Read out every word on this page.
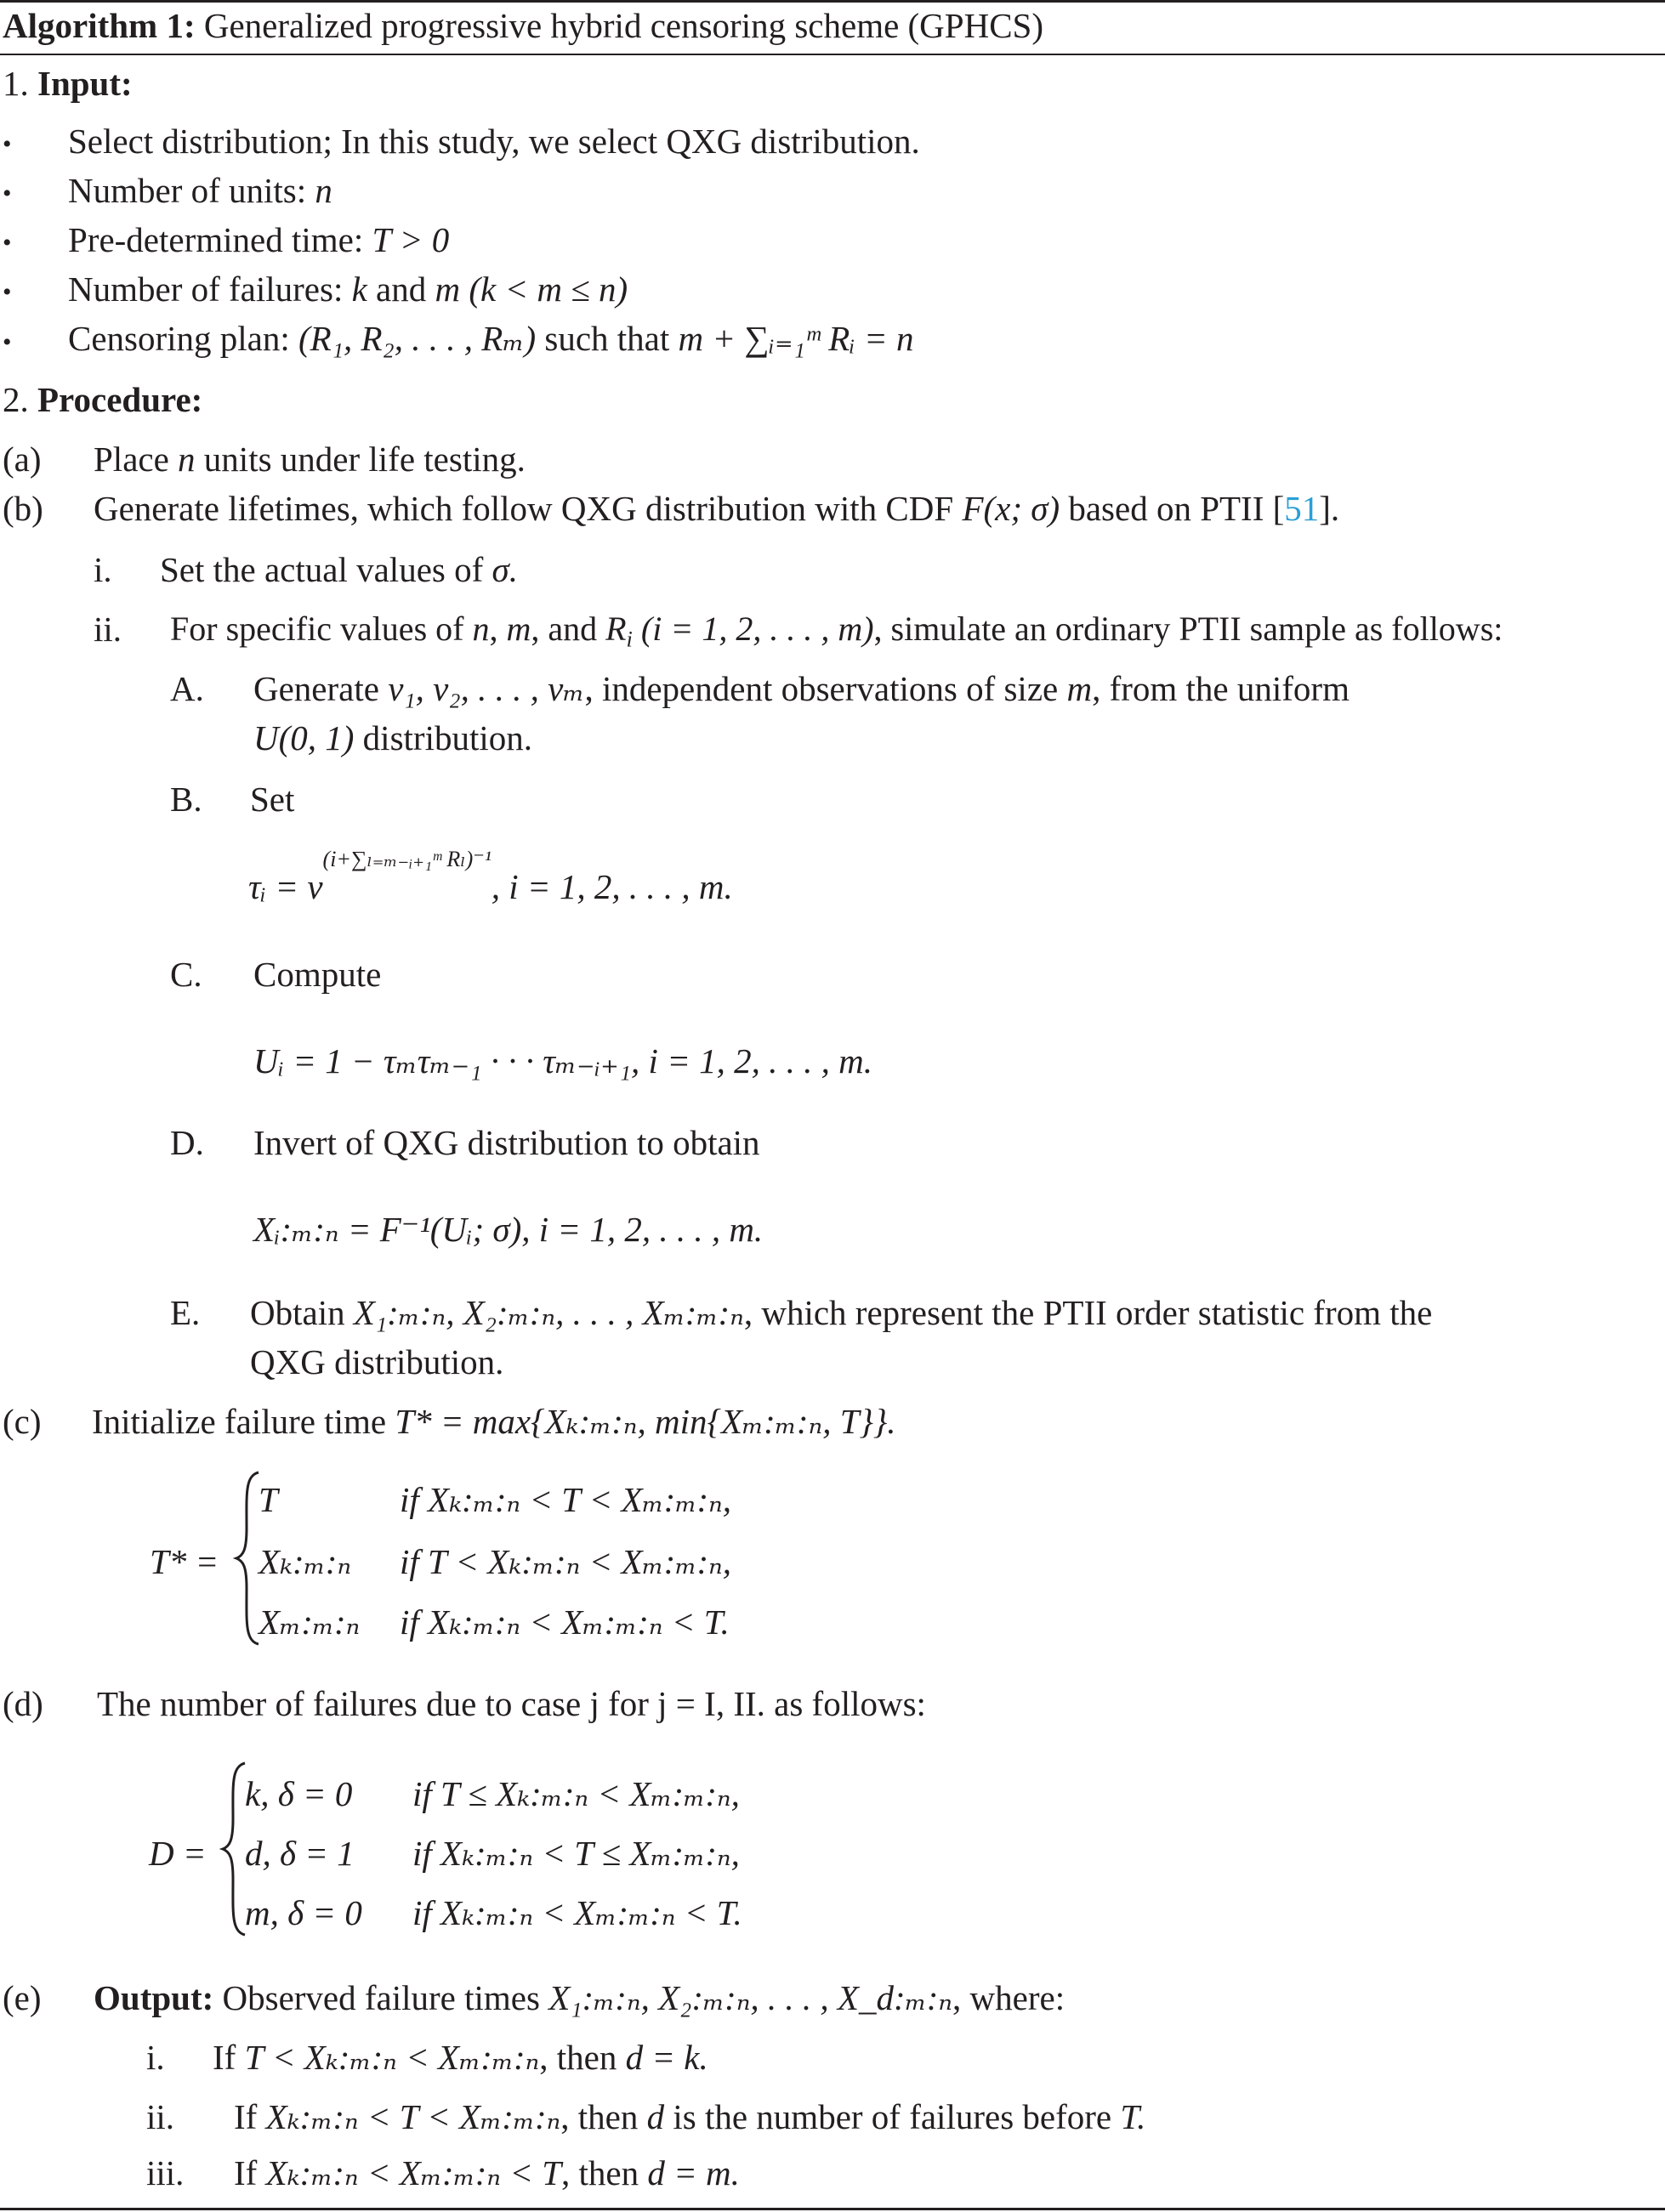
Algorithm 1: Generalized progressive hybrid censoring scheme (GPHCS)
1. Input:
• Select distribution; In this study, we select QXG distribution.
• Number of units: n
• Pre-determined time: T > 0
• Number of failures: k and m (k < m ≤ n)
• Censoring plan: (R₁, R₂, . . . , Rₘ) such that m + ∑ᵢ₌₁ᵐ Rᵢ = n
2. Procedure:
(a) Place n units under life testing.
(b) Generate lifetimes, which follow QXG distribution with CDF F(x; σ) based on PTII [51].
i. Set the actual values of σ.
ii. For specific values of n, m, and $R_i$ (i = 1, 2, . . . , m), simulate an ordinary PTII sample as follows:
A. Generate v₁, v₂, . . . , vₘ, independent observations of size m, from the uniform
U(0, 1) distribution.
B. Set
τᵢ = $\nu^{(i+\sum_{l=m-}ᵢ_{+1}ᵐ R_l)^{-1}}$, i = 1, 2, . . . , m.
C. Compute
Uᵢ = 1 − τₘτₘ₋₁ · · · τₘ₋ᵢ₊₁, i = 1, 2, . . . , m.
D. Invert of QXG distribution to obtain
Xᵢ:ₘ:ₙ = F⁻¹(Uᵢ; σ), i = 1, 2, . . . , m.
E. Obtain X₁:ₘ:ₙ, X₂:ₘ:ₙ, . . . , Xₘ:ₘ:ₙ, which represent the PTII order statistic from the
QXG distribution.
(c) Initialize failure time T* = max{Xₖ:ₘ:ₙ, min{Xₘ:ₘ:ₙ, T}}.
T* =
T	if Xₖ:ₘ:ₙ < T < Xₘ:ₘ:ₙ,
Xₖ:ₘ:ₙ if T < Xₖ:ₘ:ₙ < Xₘ:ₘ:ₙ,
Xₘ:ₘ:ₙ if Xₖ:ₘ:ₙ < Xₘ:ₘ:ₙ < T.
(d) The number of failures due to case j for j = I, II. as follows:
D =
k, δ = 0 if T ≤ Xₖ:ₘ:ₙ < Xₘ:ₘ:ₙ,
d, δ = 1 if Xₖ:ₘ:ₙ < T ≤ Xₘ:ₘ:ₙ,
m, δ = 0 if Xₖ:ₘ:ₙ < Xₘ:ₘ:ₙ < T.
(e) Output: Observed failure times X₁:ₘ:ₙ, X₂:ₘ:ₙ, . . . , X_d:ₘ:ₙ, where:
i. If T < Xₖ:ₘ:ₙ < Xₘ:ₘ:ₙ, then d = k.
ii. If Xₖ:ₘ:ₙ < T < Xₘ:ₘ:ₙ, then d is the number of failures before T.
iii. If Xₖ:ₘ:ₙ < Xₘ:ₘ:ₙ < T, then d = m.
